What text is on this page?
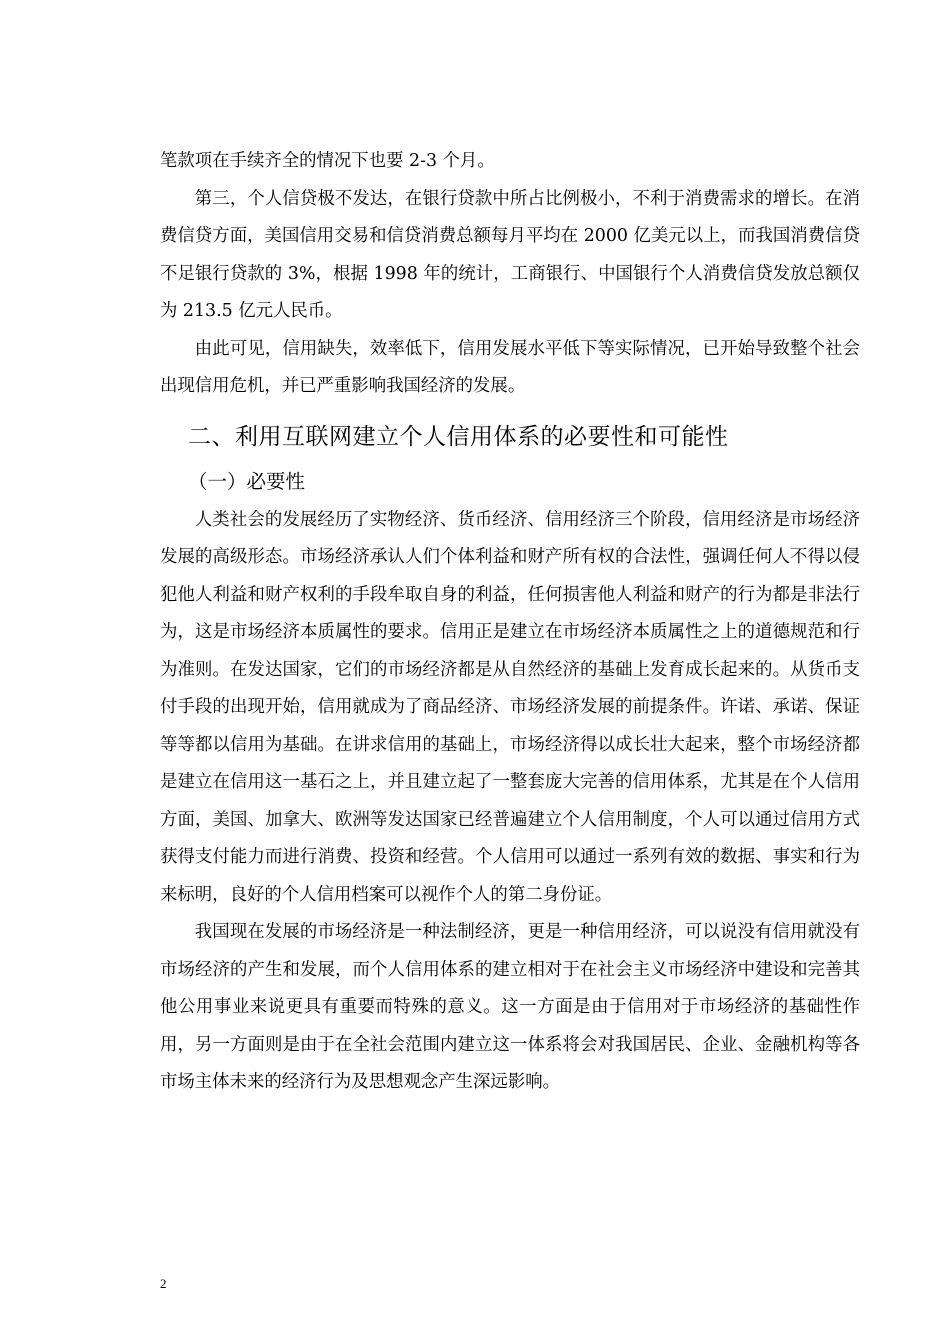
笔款项在手续齐全的情况下也要 2-3 个月。

第三，个人信贷极不发达，在银行贷款中所占比例极小，不利于消费需求的增长。在消费信贷方面，美国信用交易和信贷消费总额每月平均在 2000 亿美元以上，而我国消费信贷不足银行贷款的 3%，根据 1998 年的统计，工商银行、中国银行个人消费信贷发放总额仅为 213.5 亿元人民币。

由此可见，信用缺失，效率低下，信用发展水平低下等实际情况，已开始导致整个社会出现信用危机，并已严重影响我国经济的发展。

二、利用互联网建立个人信用体系的必要性和可能性
（一）必要性

人类社会的发展经历了实物经济、货币经济、信用经济三个阶段，信用经济是市场经济发展的高级形态。市场经济承认人们个体利益和财产所有权的合法性，强调任何人不得以侵犯他人利益和财产权利的手段牟取自身的利益，任何损害他人利益和财产的行为都是非法行为，这是市场经济本质属性的要求。信用正是建立在市场经济本质属性之上的道德规范和行为准则。在发达国家，它们的市场经济都是从自然经济的基础上发育成长起来的。从货币支付手段的出现开始，信用就成为了商品经济、市场经济发展的前提条件。许诺、承诺、保证等等都以信用为基础。在讲求信用的基础上，市场经济得以成长壮大起来，整个市场经济都是建立在信用这一基石之上，并且建立起了一整套庞大完善的信用体系，尤其是在个人信用方面，美国、加拿大、欧洲等发达国家已经普遍建立个人信用制度，个人可以通过信用方式获得支付能力而进行消费、投资和经营。个人信用可以通过一系列有效的数据、事实和行为来标明，良好的个人信用档案可以视作个人的第二身份证。

我国现在发展的市场经济是一种法制经济，更是一种信用经济，可以说没有信用就没有市场经济的产生和发展，而个人信用体系的建立相对于在社会主义市场经济中建设和完善其他公用事业来说更具有重要而特殊的意义。这一方面是由于信用对于市场经济的基础性作用，另一方面则是由于在全社会范围内建立这一体系将会对我国居民、企业、金融机构等各市场主体未来的经济行为及思想观念产生深远影响。

2
